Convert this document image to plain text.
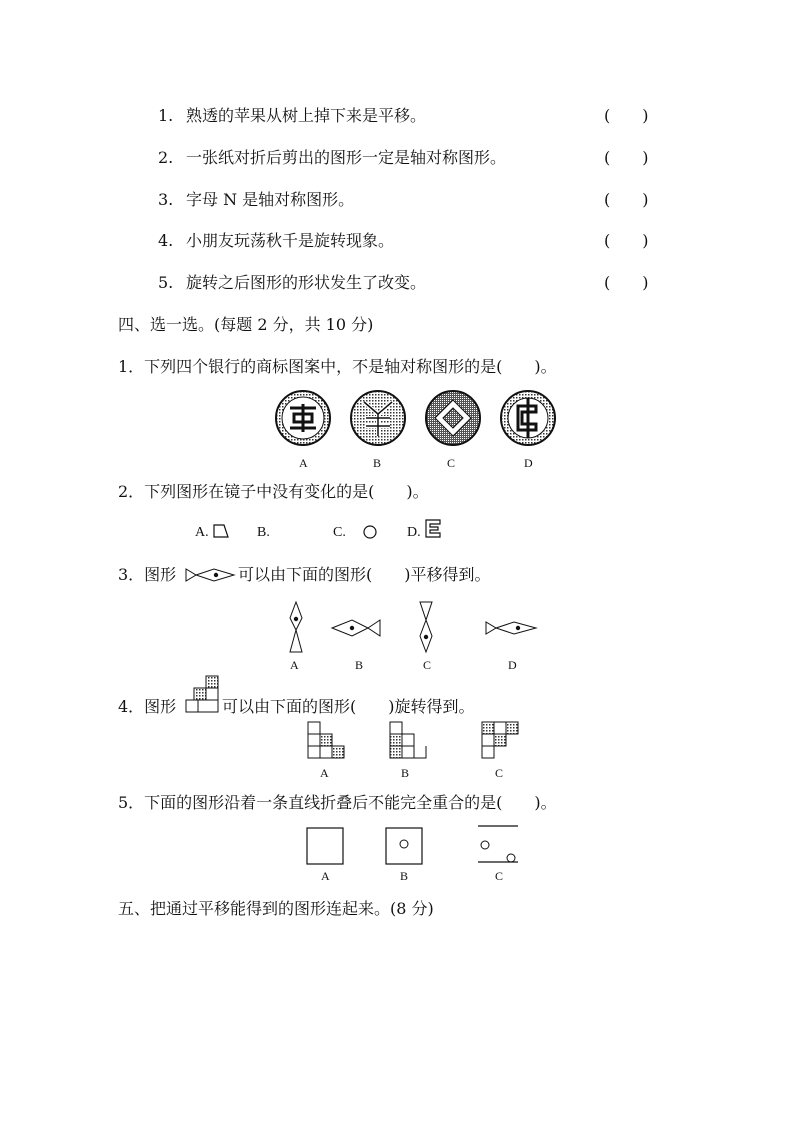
1. 熟透的苹果从树上掉下来是平移。	(　　)
2. 一张纸对折后剪出的图形一定是轴对称图形。	(　　)
3. 字母 N 是轴对称图形。	(　　)
4. 小朋友玩荡秋千是旋转现象。	(　　)
5. 旋转之后图形的形状发生了改变。	(　　)
四、选一选。(每题 2 分，共 10 分)
1．下列四个银行的商标图案中，不是轴对称图形的是(　　)。
A	B	C	D
2．下列图形在镜子中没有变化的是(　　)。
A.	B.	C.	D.
3．图形	可以由下面的图形(　　)平移得到。
A	B	C	D
4．图形	可以由下面的图形(　　)旋转得到。
A	B	C
5．下面的图形沿着一条直线折叠后不能完全重合的是(　　)。
A	B	C
五、把通过平移能得到的图形连起来。(8 分)
